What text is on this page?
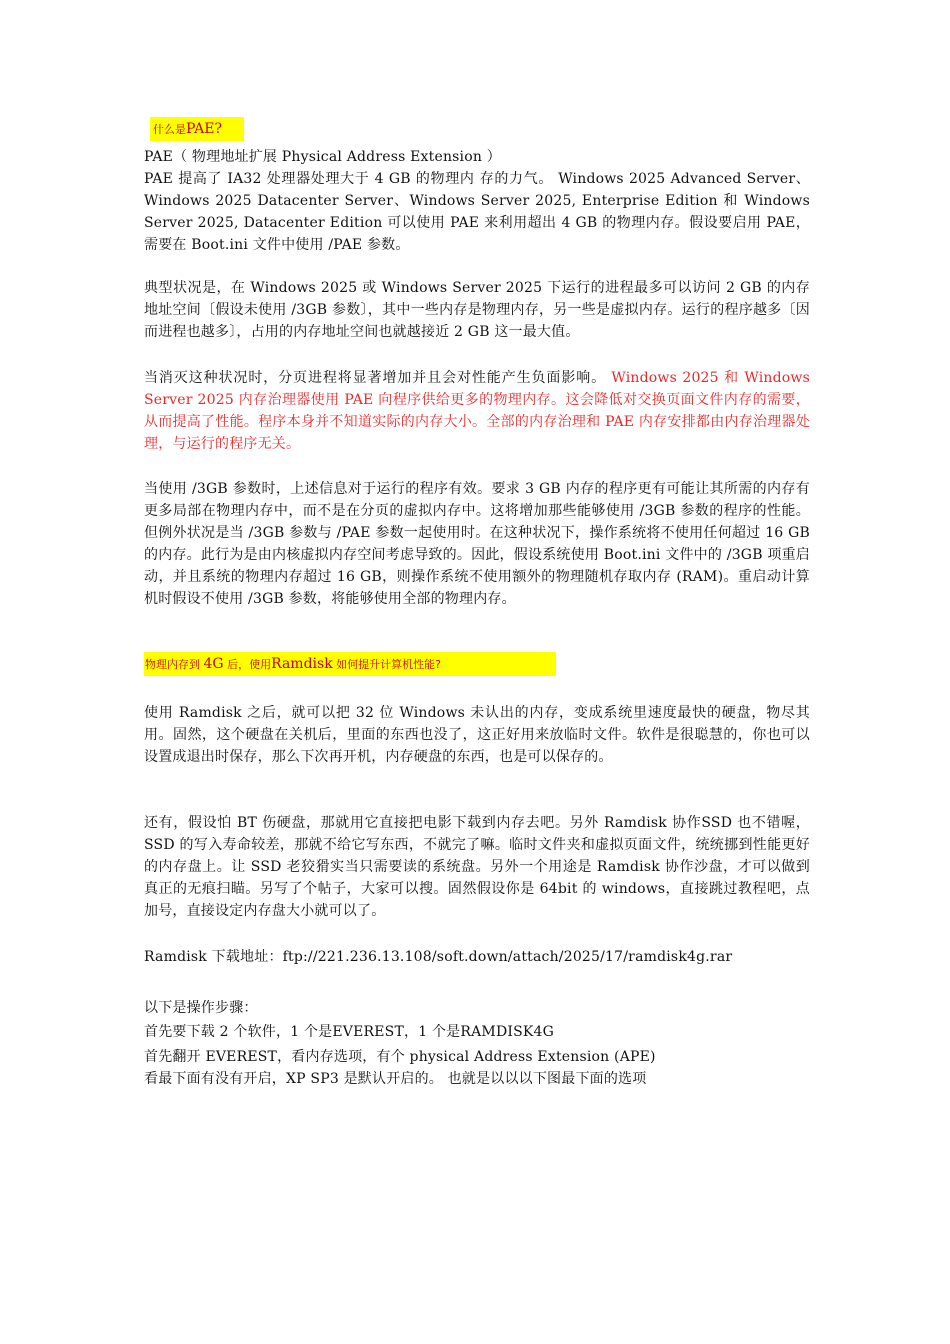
什么是PAE?
PAE（ 物理地址扩展 Physical Address Extension ）
PAE 提高了 IA32 处理器处理大于 4 GB 的物理内 存的力气。 Windows 2025 Advanced Server、 Windows 2025 Datacenter Server、Windows Server 2025, Enterprise Edition 和 Windows Server 2025, Datacenter Edition 可以使用 PAE 来利用超出 4 GB 的物理内存。假设要启用 PAE，需要在 Boot.ini 文件中使用 /PAE 参数。
典型状况是，在 Windows 2025 或 Windows Server 2025 下运行的进程最多可以访问 2 GB 的内存地址空间〔假设未使用 /3GB 参数〕，其中一些内存是物理内存，另一些是虚拟内存。运行的程序越多〔因而进程也越多〕，占用的内存地址空间也就越接近 2 GB 这一最大值。
当消灭这种状况时，分页进程将显著增加并且会对性能产生负面影响。 Windows 2025 和 Windows Server 2025 内存治理器使用 PAE 向程序供给更多的物理内存。这会降低对交换页面文件内存的需要，从而提高了性能。程序本身并不知道实际的内存大小。全部的内存治理和 PAE 内存安排都由内存治理器处理，与运行的程序无关。
当使用 /3GB 参数时，上述信息对于运行的程序有效。要求 3 GB 内存的程序更有可能让其所需的内存有更多局部在物理内存中，而不是在分页的虚拟内存中。这将增加那些能够使用 /3GB 参数的程序的性能。但例外状况是当 /3GB 参数与 /PAE 参数一起使用时。在这种状况下，操作系统将不使用任何超过 16 GB 的内存。此行为是由内核虚拟内存空间考虑导致的。因此，假设系统使用 Boot.ini 文件中的 /3GB 项重启动，并且系统的物理内存超过 16 GB，则操作系统不使用额外的物理随机存取内存 (RAM)。重启动计算机时假设不使用 /3GB 参数，将能够使用全部的物理内存。
物理内存到 4G 后，使用Ramdisk 如何提升计算机性能?
使用 Ramdisk 之后，就可以把 32 位 Windows 未认出的内存，变成系统里速度最快的硬盘，物尽其用。固然，这个硬盘在关机后，里面的东西也没了，这正好用来放临时文件。软件是很聪慧的，你也可以设置成退出时保存，那么下次再开机，内存硬盘的东西，也是可以保存的。
还有，假设怕 BT 伤硬盘，那就用它直接把电影下载到内存去吧。另外 Ramdisk 协作SSD 也不错喔，SSD 的写入寿命较差，那就不给它写东西，不就完了嘛。临时文件夹和虚拟页面文件，统统挪到性能更好的内存盘上。让 SSD 老狡猾实当只需要读的系统盘。另外一个用途是 Ramdisk 协作沙盘，才可以做到真正的无痕扫瞄。另写了个帖子，大家可以搜。固然假设你是 64bit 的 windows，直接跳过教程吧，点加号，直接设定内存盘大小就可以了。
Ramdisk 下载地址：ftp://221.236.13.108/soft.down/attach/2025/17/ramdisk4g.rar
以下是操作步骤：
首先要下载 2 个软件，1 个是EVEREST，1 个是RAMDISK4G
首先翻开 EVEREST，看内存选项，有个 physical Address Extension (APE)
看最下面有没有开启，XP SP3 是默认开启的。 也就是以以以下图最下面的选项
